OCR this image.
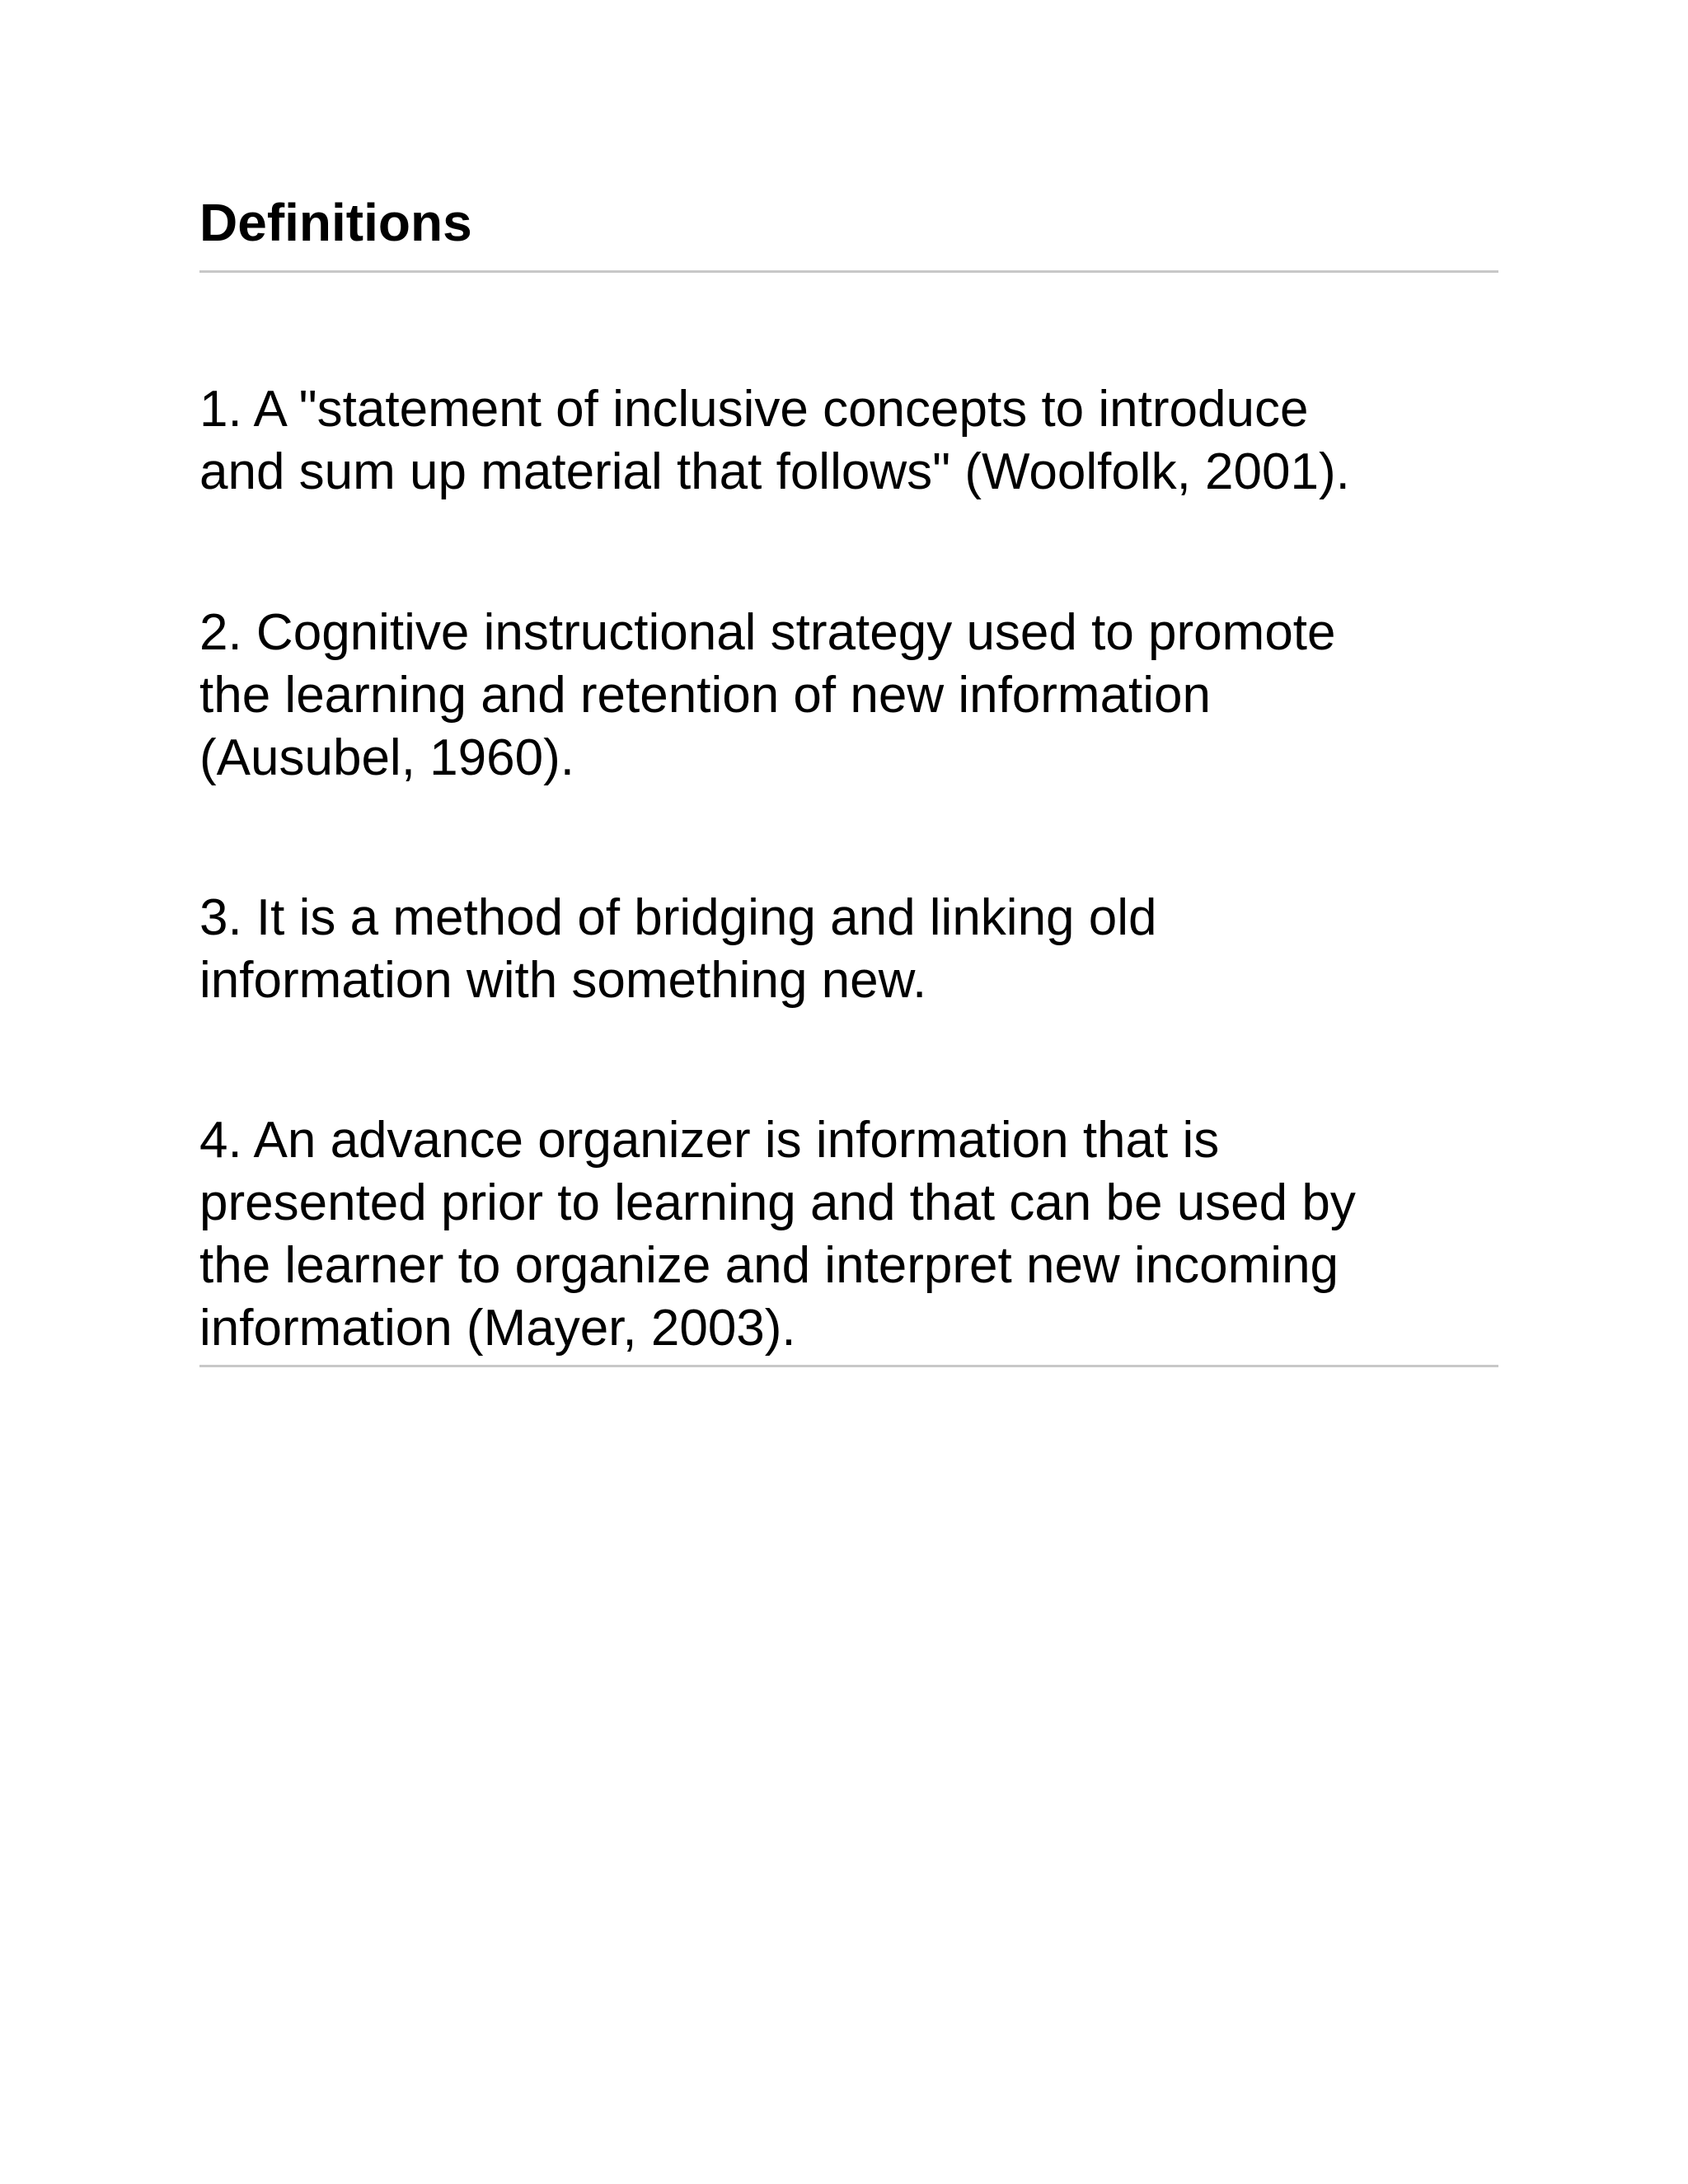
Definitions

1. A "statement of inclusive concepts to introduce
and sum up material that follows" (Woolfolk, 2001).

2. Cognitive instructional strategy used to promote
the learning and retention of new information
(Ausubel, 1960).

3. It is a method of bridging and linking old
information with something new.

4. An advance organizer is information that is
presented prior to learning and that can be used by
the learner to organize and interpret new incoming
information (Mayer, 2003).
